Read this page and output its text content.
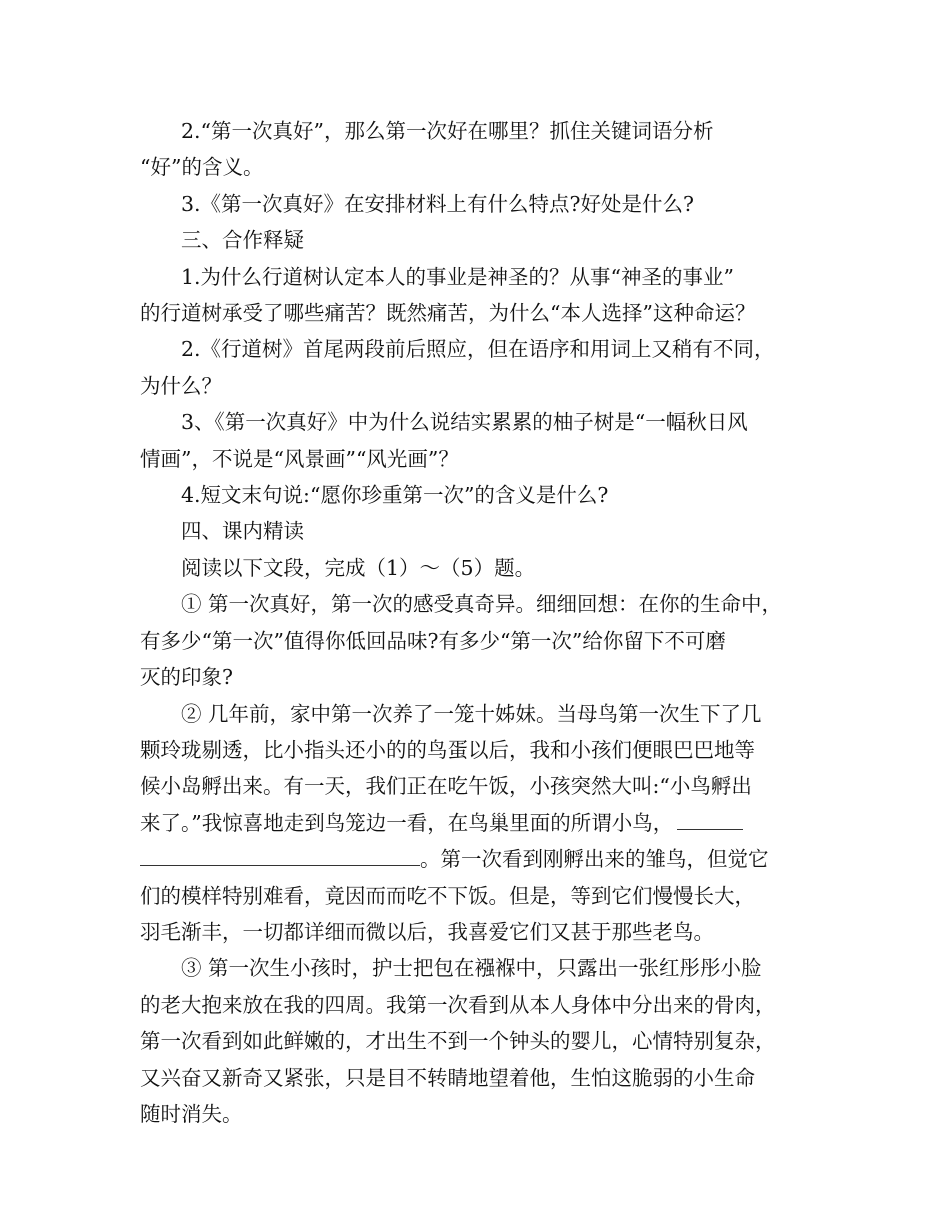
2.“第一次真好”，那么第一次好在哪里？抓住关键词语分析

“好”的含义。

3.《第一次真好》在安排材料上有什么特点?好处是什么?

三、合作释疑

1.为什么行道树认定本人的事业是神圣的？从事“神圣的事业”

的行道树承受了哪些痛苦？既然痛苦，为什么“本人选择”这种命运？

2.《行道树》首尾两段前后照应，但在语序和用词上又稍有不同，

为什么？

3、《第一次真好》中为什么说结实累累的柚子树是“一幅秋日风

情画”，不说是“风景画”“风光画”？

4.短文末句说:“愿你珍重第一次”的含义是什么?

四、课内精读

阅读以下文段，完成（1）～（5）题。

① 第一次真好，第一次的感受真奇异。细细回想：在你的生命中，

有多少“第一次”值得你低回品味?有多少“第一次”给你留下不可磨

灭的印象?

② 几年前，家中第一次养了一笼十姊妹。当母鸟第一次生下了几

颗玲珑剔透，比小指头还小的的鸟蛋以后，我和小孩们便眼巴巴地等

候小岛孵出来。有一天，我们正在吃午饭，小孩突然大叫:“小鸟孵出

来了。”我惊喜地走到鸟笼边一看，在鸟巢里面的所谓小鸟，

。第一次看到刚孵出来的雏鸟，但觉它

们的模样特别难看，竟因而而吃不下饭。但是，等到它们慢慢长大，

羽毛渐丰，一切都详细而微以后，我喜爱它们又甚于那些老鸟。

③ 第一次生小孩时，护士把包在襁褓中，只露出一张红彤彤小脸

的老大抱来放在我的四周。我第一次看到从本人身体中分出来的骨肉，

第一次看到如此鲜嫩的，才出生不到一个钟头的婴儿，心情特别复杂，

又兴奋又新奇又紧张，只是目不转睛地望着他，生怕这脆弱的小生命

随时消失。
